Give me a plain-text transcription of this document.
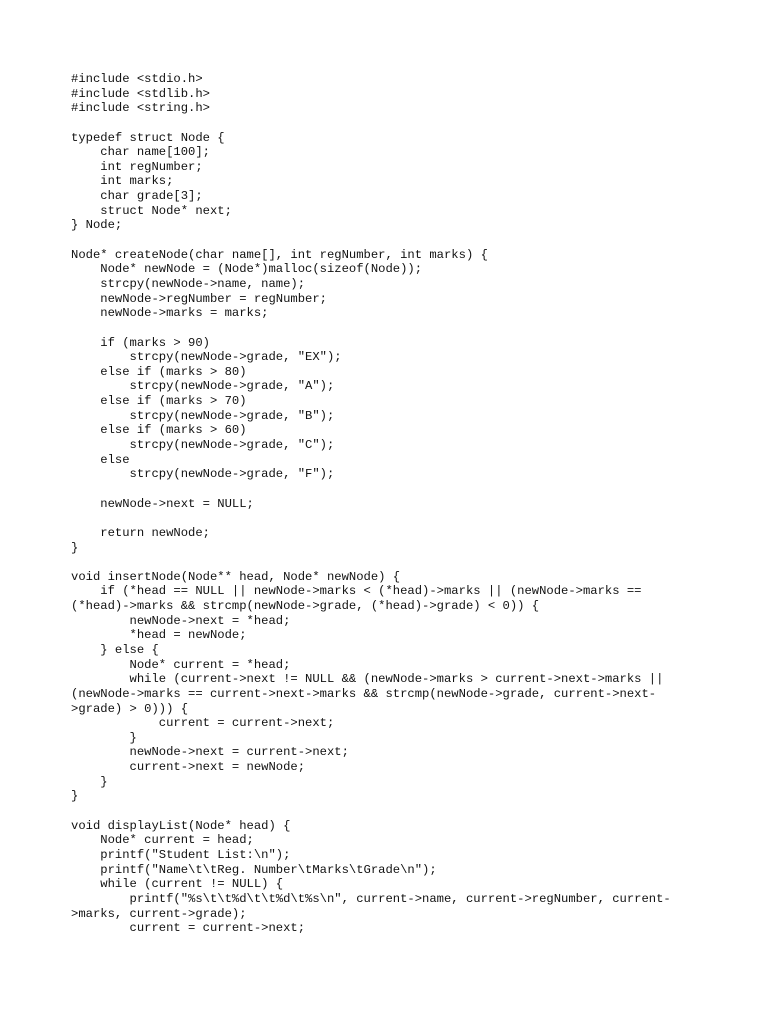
#include <stdio.h>
#include <stdlib.h>
#include <string.h>
typedef struct Node {
char name[100];
int regNumber;
int marks;
char grade[3];
struct Node* next;
} Node;
Node* createNode(char name[], int regNumber, int marks) {
Node* newNode = (Node*)malloc(sizeof(Node));
strcpy(newNode->name, name);
newNode->regNumber = regNumber;
newNode->marks = marks;
if (marks > 90)
strcpy(newNode->grade, "EX");
else if (marks > 80)
strcpy(newNode->grade, "A");
else if (marks > 70)
strcpy(newNode->grade, "B");
else if (marks > 60)
strcpy(newNode->grade, "C");
else
strcpy(newNode->grade, "F");
newNode->next = NULL;
return newNode;
}
void insertNode(Node** head, Node* newNode) {
if (*head == NULL || newNode->marks < (*head)->marks || (newNode->marks ==
(*head)->marks && strcmp(newNode->grade, (*head)->grade) < 0)) {
newNode->next = *head;
*head = newNode;
} else {
Node* current = *head;
while (current->next != NULL && (newNode->marks > current->next->marks ||
(newNode->marks == current->next->marks && strcmp(newNode->grade, current->next-
>grade) > 0))) {
current = current->next;
}
newNode->next = current->next;
current->next = newNode;
}
}
void displayList(Node* head) {
Node* current = head;
printf("Student List:\n");
printf("Name\t\tReg. Number\tMarks\tGrade\n");
while (current != NULL) {
printf("%s\t\t%d\t\t%d\t%s\n", current->name, current->regNumber, current-
>marks, current->grade);
current = current->next;
